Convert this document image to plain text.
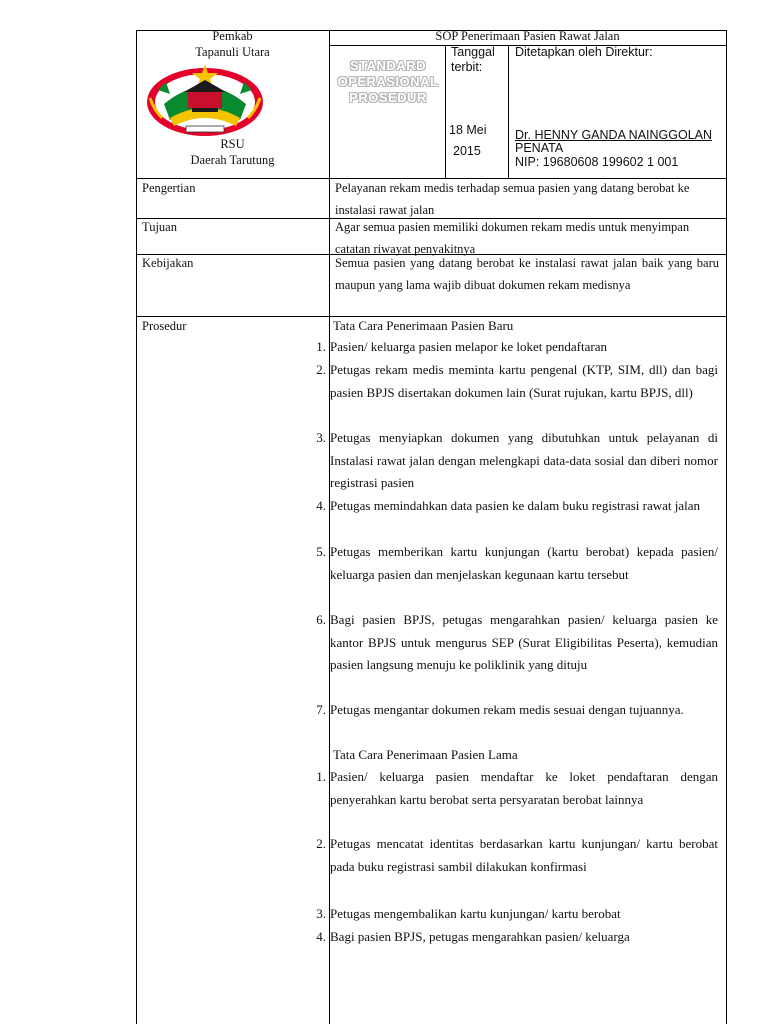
Pemkab
Tapanuli Utara
RSU
Daerah Tarutung
SOP Penerimaan Pasien Rawat Jalan
STANDARD
OPERASIONAL
PROSEDUR
Tanggal
terbit:
18 Mei
2015
Ditetapkan oleh Direktur:
Dr. HENNY GANDA NAINGGOLAN
PENATA
NIP: 19680608 199602 1 001
Pengertian	Pelayanan rekam medis terhadap semua pasien yang datang berobat ke instalasi rawat jalan
Tujuan	Agar semua pasien memiliki dokumen rekam medis untuk menyimpan catatan riwayat penyakitnya
Kebijakan	Semua pasien yang datang berobat ke instalasi rawat jalan baik yang baru maupun yang lama wajib dibuat dokumen rekam medisnya
Prosedur	Tata Cara Penerimaan Pasien Baru
1. Pasien/ keluarga pasien melapor ke loket pendaftaran
2. Petugas rekam medis meminta kartu pengenal (KTP, SIM, dll) dan bagi pasien BPJS disertakan dokumen lain (Surat rujukan, kartu BPJS, dll)
3. Petugas menyiapkan dokumen yang dibutuhkan untuk pelayanan di Instalasi rawat jalan dengan melengkapi data-data sosial dan diberi nomor registrasi pasien
4. Petugas memindahkan data pasien ke dalam buku registrasi rawat jalan
5. Petugas memberikan kartu kunjungan (kartu berobat) kepada pasien/ keluarga pasien dan menjelaskan kegunaan kartu tersebut
6. Bagi pasien BPJS, petugas mengarahkan pasien/ keluarga pasien ke kantor BPJS untuk mengurus SEP (Surat Eligibilitas Peserta), kemudian pasien langsung menuju ke poliklinik yang dituju
7. Petugas mengantar dokumen rekam medis sesuai dengan tujuannya.
Tata Cara Penerimaan Pasien Lama
1. Pasien/ keluarga pasien mendaftar ke loket pendaftaran dengan penyerahkan kartu berobat serta persyaratan berobat lainnya
2. Petugas mencatat identitas berdasarkan kartu kunjungan/ kartu berobat pada buku registrasi sambil dilakukan konfirmasi
3. Petugas mengembalikan kartu kunjungan/ kartu berobat
4. Bagi pasien BPJS, petugas mengarahkan pasien/ keluarga
